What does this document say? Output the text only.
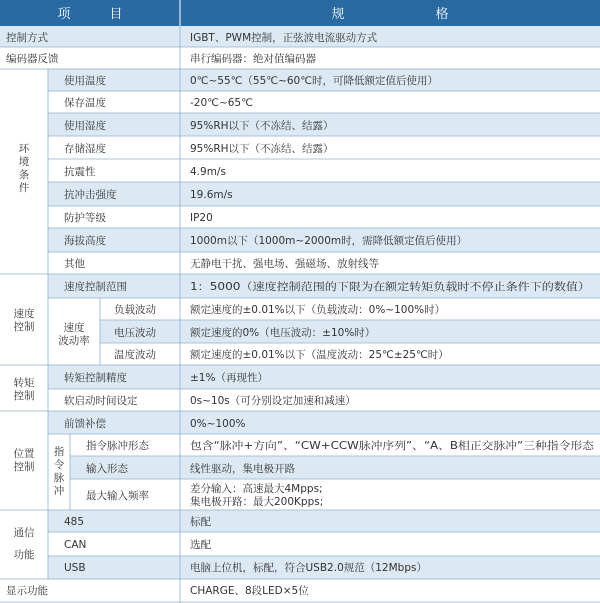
项　　　目	规　　　　　　　格
环
境
条
件
速度
控制	速度
波动率
转矩
控制
位置
控制
指
令
脉
冲
通信
功能
控制方式
编码器反馈
使用温度
保存温度
使用湿度
存储湿度
抗震性
抗冲击强度
防护等级
海拔高度
其他
速度控制范围
负载波动
电压波动
温度波动
转矩控制精度
软启动时间设定
前馈补偿
指令脉冲形态
输入形态
最大输入频率
485
CAN
USB
显示功能
IGBT、PWM控制，正弦波电流驱动方式
串行编码器：绝对值编码器
0℃~55℃（55℃~60℃时，可降低额定值后使用）
-20℃~65℃
95%RH以下（不冻结、结露）
95%RH以下（不冻结、结露）
4.9m/s
19.6m/s
IP20
1000m以下（1000m~2000m时，需降低额定值后使用）
无静电干扰、强电场、强磁场、放射线等
1：5000（速度控制范围的下限为在额定转矩负载时不停止条件下的数值）
额定速度的±0.01%以下（负载波动：0%~100%时）
额定速度的0%（电压波动：±10%时）
额定速度的±0.01%以下（温度波动：25℃±25℃时）
±1%（再现性）
0s~10s（可分别设定加速和减速）
0%~100%
包含“脉冲+方向”、“CW+CCW脉冲序列”、“A、B相正交脉冲”三种指令形态
线性驱动，集电极开路
差分输入：高速最大4Mpps;
集电极开路：最大200Kpps;
标配
选配
电脑上位机，标配，符合USB2.0规范（12Mbps）
CHARGE、8段LED×5位
